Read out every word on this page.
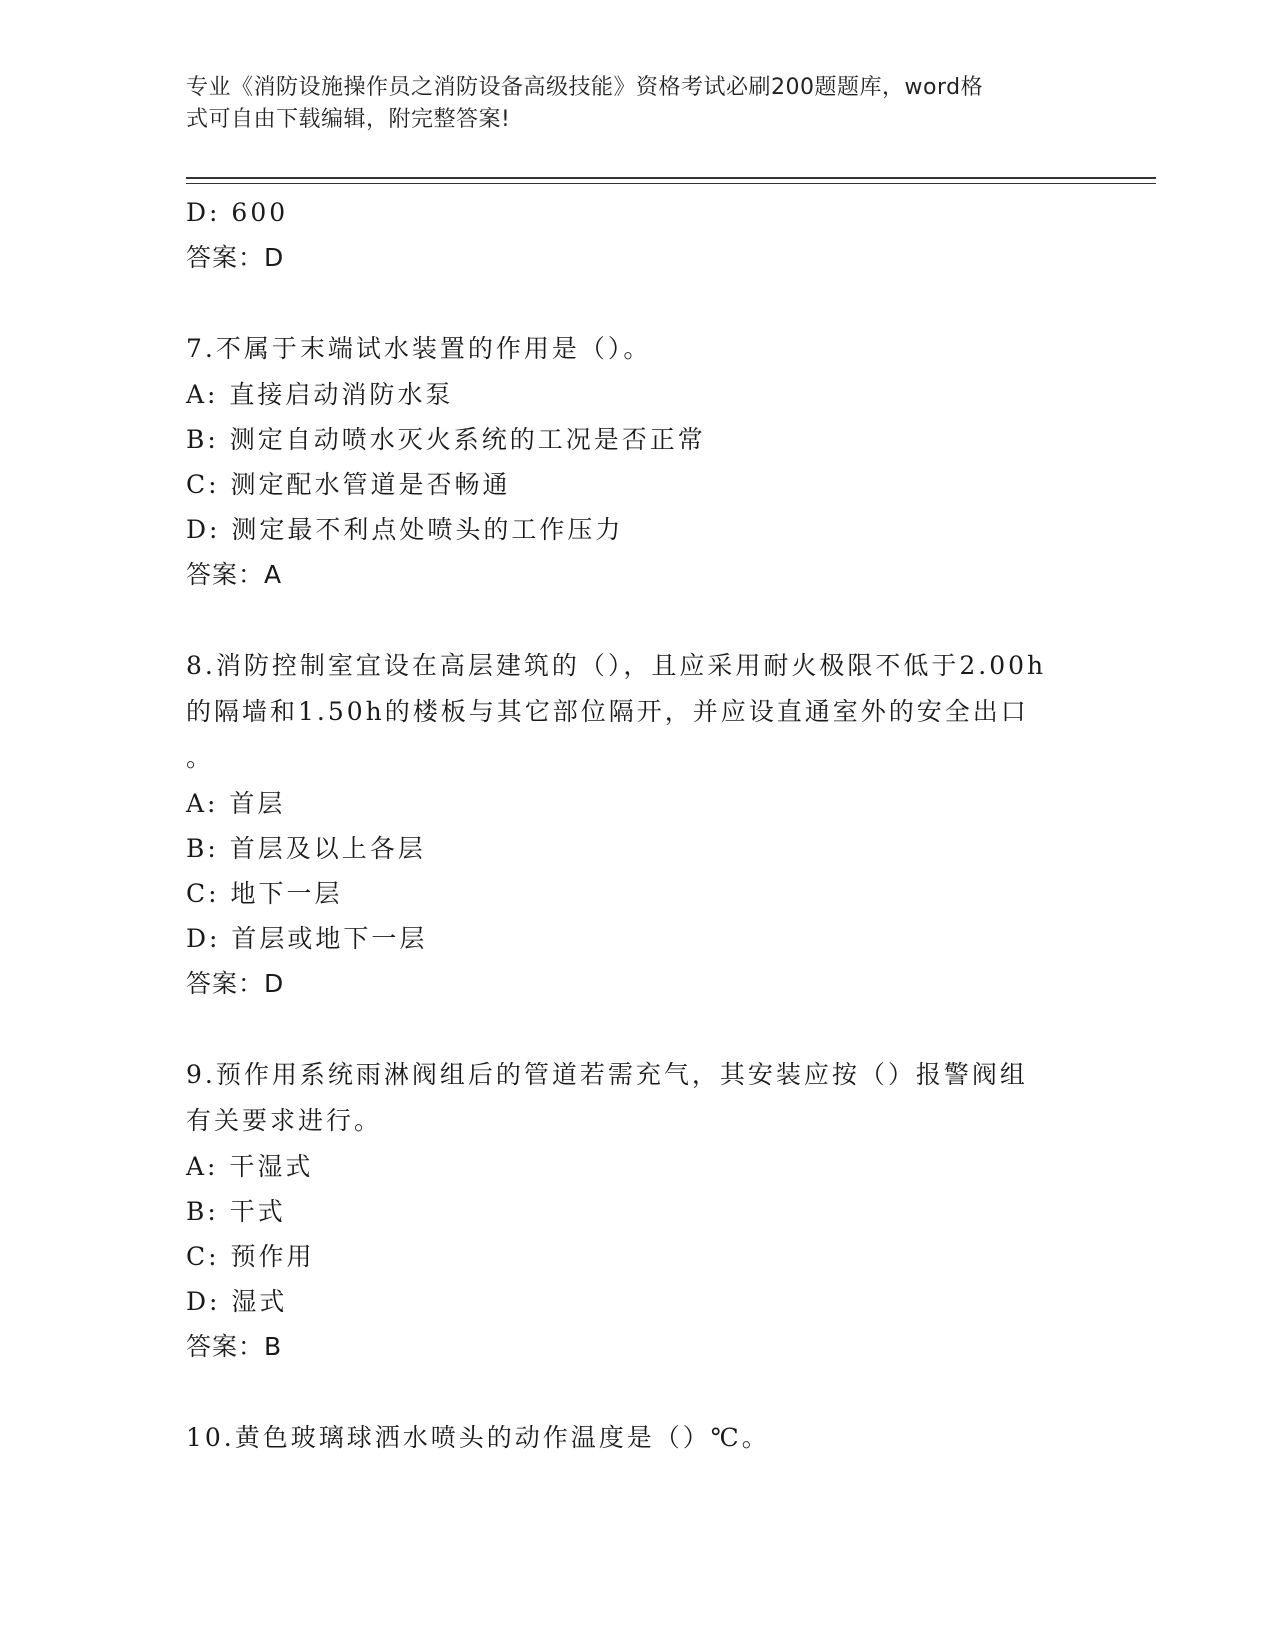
专业《消防设施操作员之消防设备高级技能》资格考试必刷200题题库，word格
式可自由下载编辑，附完整答案!
D: 600
答案：D
7.不属于末端试水装置的作用是（）。
A: 直接启动消防水泵
B: 测定自动喷水灭火系统的工况是否正常
C: 测定配水管道是否畅通
D: 测定最不利点处喷头的工作压力
答案：A
8.消防控制室宜设在高层建筑的（），且应采用耐火极限不低于2.00h
的隔墙和1.50h的楼板与其它部位隔开，并应设直通室外的安全出口
。
A: 首层
B: 首层及以上各层
C: 地下一层
D: 首层或地下一层
答案：D
9.预作用系统雨淋阀组后的管道若需充气，其安装应按（）报警阀组
有关要求进行。
A: 干湿式
B: 干式
C: 预作用
D: 湿式
答案：B
10.黄色玻璃球洒水喷头的动作温度是（）℃。
